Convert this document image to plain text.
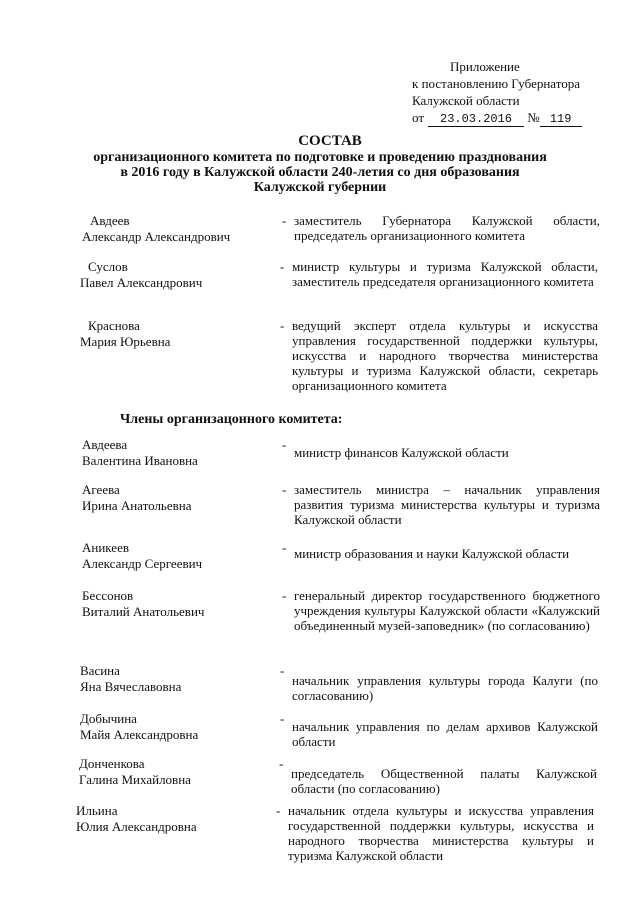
Приложение
к постановлению Губернатора
Калужской области
от 23.03.2016 № 119
СОСТАВ
организационного комитета по подготовке и проведению празднования
в 2016 году в Калужской области 240-летия со дня образования
Калужской губернии
Авдеев
Александр Александрович
- заместитель Губернатора Калужской области, председатель организационного комитета
Суслов
Павел Александрович
- министр культуры и туризма Калужской области, заместитель председателя организационного комитета
Краснова
Мария Юрьевна
- ведущий эксперт отдела культуры и искусства управления государственной поддержки культуры, искусства и народного творчества министерства культуры и туризма Калужской области, секретарь организационного комитета
Члены организацонного комитета:
Авдеева
Валентина Ивановна
-
министр финансов Калужской области
Агеева
Ирина Анатольевна
- заместитель министра – начальник управления развития туризма министерства культуры и туризма Калужской области
Аникеев
Александр Сергеевич
- министр образования и науки Калужской области
Бессонов
Виталий Анатольевич
- генеральный директор государственного бюджетного учреждения культуры Калужской области «Калужский объединенный музей-заповедник» (по согласованию)
Васина
Яна Вячеславовна
-
начальник управления культуры города Калуги (по согласованию)
Добычина
Майя Александровна
-
начальник управления по делам архивов Калужской области
Донченкова
Галина Михайловна
-
председатель Общественной палаты Калужской области (по согласованию)
Ильина
Юлия Александровна
- начальник отдела культуры и искусства управления государственной поддержки культуры, искусства и народного творчества министерства культуры и туризма Калужской области
